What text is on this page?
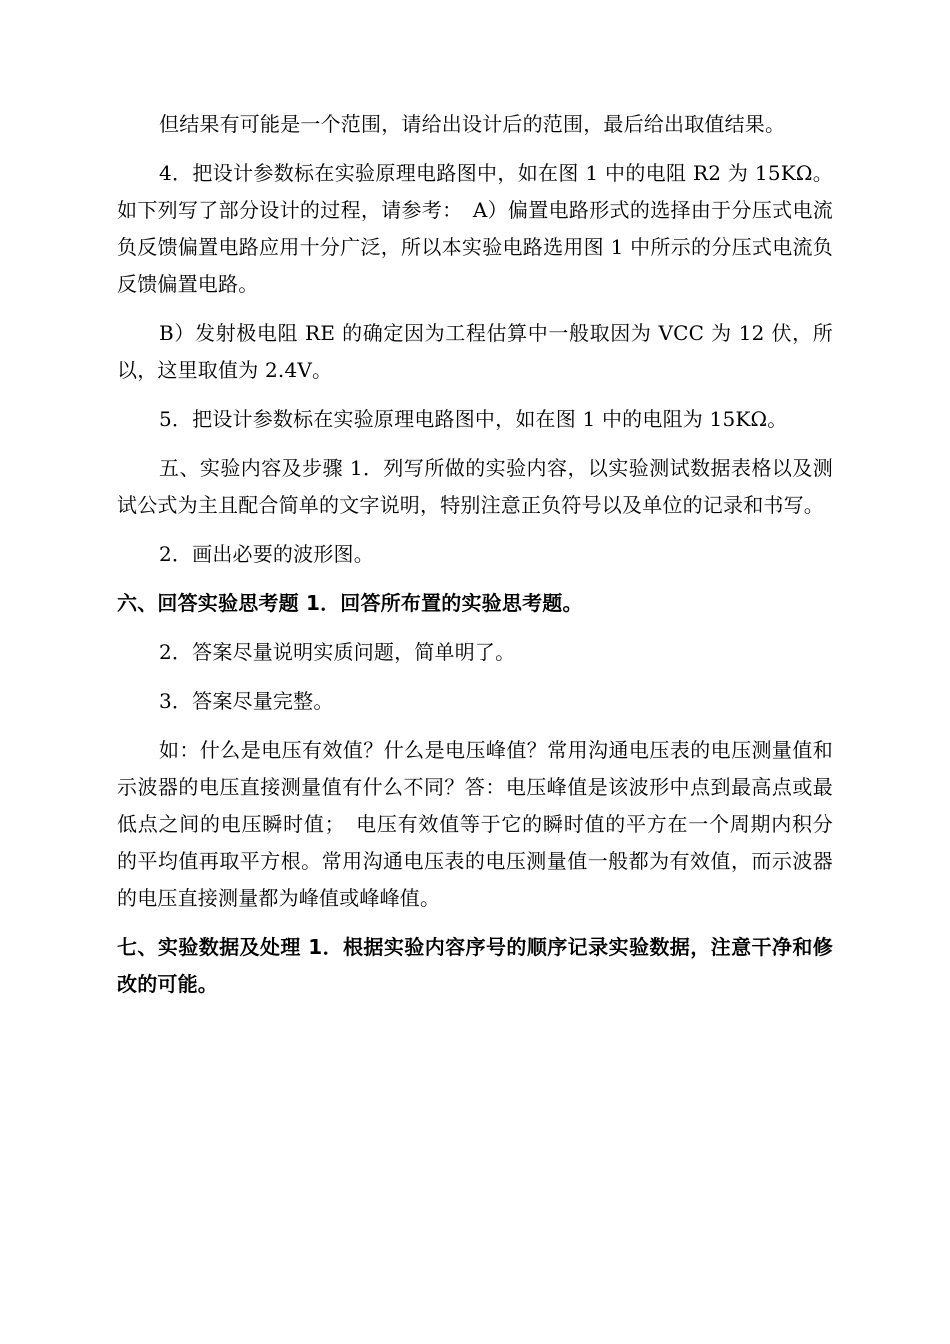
但结果有可能是一个范围，请给出设计后的范围，最后给出取值结果。

4．把设计参数标在实验原理电路图中，如在图 1 中的电阻 R2 为 15KΩ。如下列写了部分设计的过程，请参考：　A）偏置电路形式的选择由于分压式电流负反馈偏置电路应用十分广泛，所以本实验电路选用图 1 中所示的分压式电流负反馈偏置电路。

B）发射极电阻 RE 的确定因为工程估算中一般取因为 VCC 为 12 伏，所以，这里取值为 2.4V。

5．把设计参数标在实验原理电路图中，如在图 1 中的电阻为 15KΩ。

五、实验内容及步骤 1．列写所做的实验内容，以实验测试数据表格以及测试公式为主且配合简单的文字说明，特别注意正负符号以及单位的记录和书写。

2．画出必要的波形图。

六、回答实验思考题 1．回答所布置的实验思考题。

2．答案尽量说明实质问题，简单明了。

3．答案尽量完整。

如：什么是电压有效值？什么是电压峰值？常用沟通电压表的电压测量值和示波器的电压直接测量值有什么不同？答：电压峰值是该波形中点到最高点或最低点之间的电压瞬时值；　电压有效值等于它的瞬时值的平方在一个周期内积分的平均值再取平方根。常用沟通电压表的电压测量值一般都为有效值，而示波器的电压直接测量都为峰值或峰峰值。

七、实验数据及处理 1．根据实验内容序号的顺序记录实验数据，注意干净和修改的可能。
